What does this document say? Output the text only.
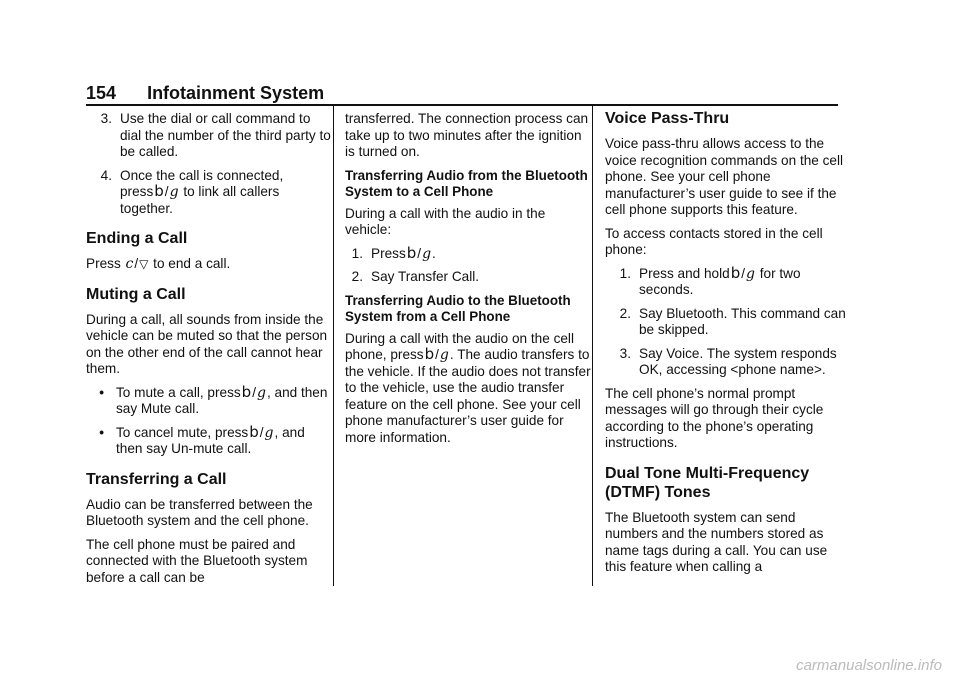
154 Infotainment System
3. Use the dial or call command to dial the number of the third party to be called.
4. Once the call is connected,
pressb/g to link all callers together.
Ending a Call

Press c/▽ to end a call.

Muting a Call

During a call, all sounds from inside the vehicle can be muted so that the person on the other end of the call cannot hear them.

• To mute a call, pressb/g, and then say Mute call.
• To cancel mute, pressb/g, and then say Un-mute call.
Transferring a Call

Audio can be transferred between the Bluetooth system and the cell phone.

The cell phone must be paired and connected with the Bluetooth system before a call can be

transferred. The connection process can take up to two minutes after the ignition is turned on.

Transferring Audio from the Bluetooth System to a Cell Phone

During a call with the audio in the vehicle:

1. Pressb/g.
2. Say Transfer Call.
Transferring Audio to the Bluetooth System from a Cell Phone

During a call with the audio on the cell phone, pressb/g. The audio transfers to the vehicle. If the audio does not transfer to the vehicle, use the audio transfer feature on the cell phone. See your cell phone manufacturer’s user guide for more information.

Voice Pass-Thru

Voice pass-thru allows access to the voice recognition commands on the cell phone. See your cell phone manufacturer’s user guide to see if the cell phone supports this feature.

To access contacts stored in the cell phone:

1. Press and holdb/g for two seconds.
2. Say Bluetooth. This command can be skipped.
3. Say Voice. The system responds OK, accessing <phone name>.

The cell phone’s normal prompt messages will go through their cycle according to the phone’s operating instructions.

Dual Tone Multi-Frequency (DTMF) Tones

The Bluetooth system can send numbers and the numbers stored as name tags during a call. You can use this feature when calling a

carmanualsonline.info
